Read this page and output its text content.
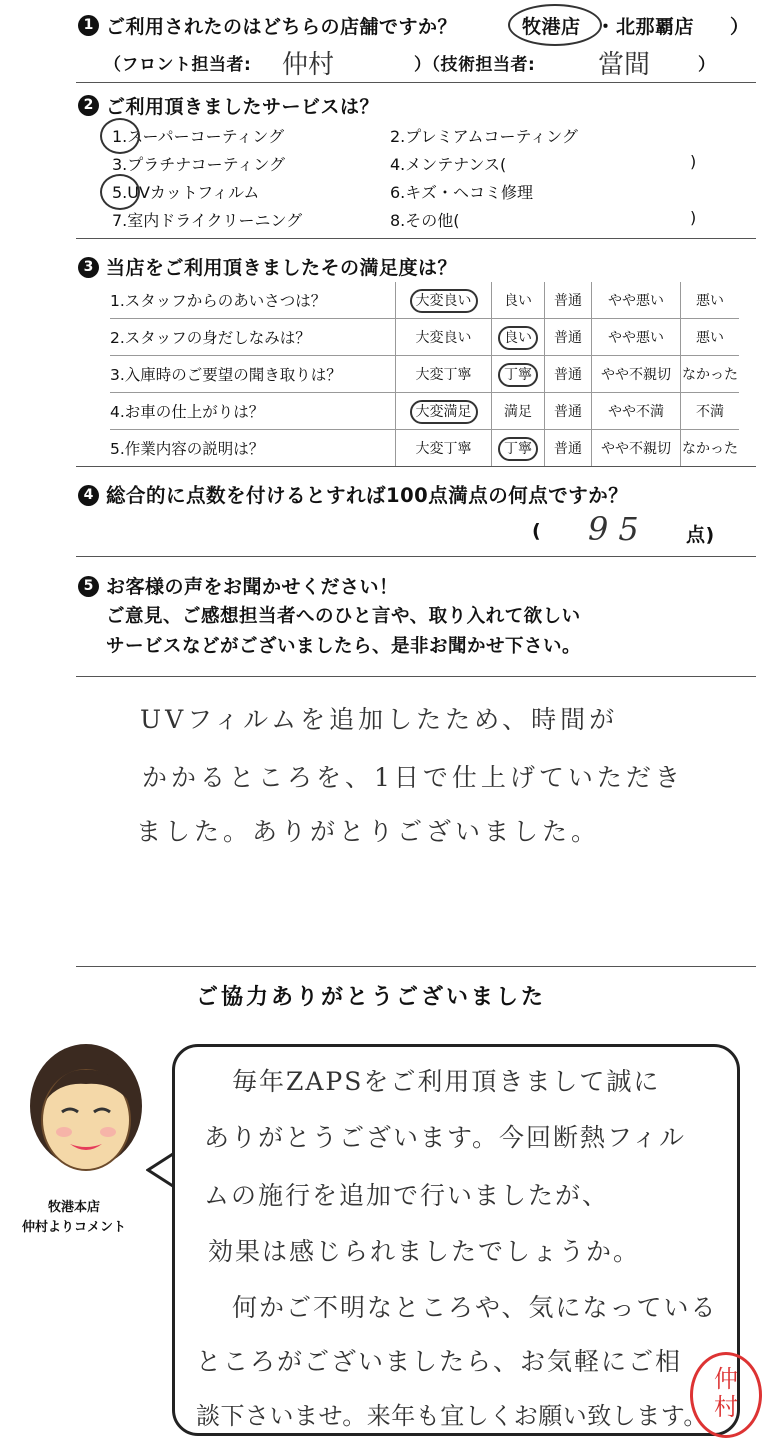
1 ご利用されたのはどちらの店舗ですか？	牧港店 ・ 北那覇店 ）
（フロント担当者: 仲村	）（技術担当者: 當間	）
2 ご利用頂きましたサービスは？
1.スーパーコーティング	2.プレミアムコーティング
3.プラチナコーティング	4.メンテナンス(	)
5.UVカットフィルム	6.キズ・ヘコミ修理
7.室内ドライクリーニング	8.その他(	)
3 当店をご利用頂きましたその満足度は？
1.スタッフからのあいさつは？	大変良い	良い	普通	やや悪い	悪い
2.スタッフの身だしなみは？	大変良い	良い	普通	やや悪い	悪い
3.入庫時のご要望の聞き取りは？	大変丁寧	丁寧	普通	やや不親切	なかった
4.お車の仕上がりは？	大変満足	満足	普通	やや不満	不満
5.作業内容の説明は？	大変丁寧	丁寧	普通	やや不親切	なかった
4 総合的に点数を付けるとすれば100点満点の何点ですか？
( 95 点)
5 お客様の声をお聞かせください！
ご意見、ご感想担当者へのひと言や、取り入れて欲しい
サービスなどがございましたら、是非お聞かせ下さい。
UVフィルムを追加したため、時間が
かかるところを、1日で仕上げていただき
ました。ありがとりございました。
ご協力ありがとうございました
牧港本店
仲村よりコメント
毎年ZAPSをご利用頂きまして誠に
ありがとうございます。今回断熱フィル
ムの施行を追加で行いましたが、
効果は感じられましたでしょうか。
何かご不明なところや、気になっている
ところがございましたら、お気軽にご相
談下さいませ。来年も宜しくお願い致します。
仲
村
